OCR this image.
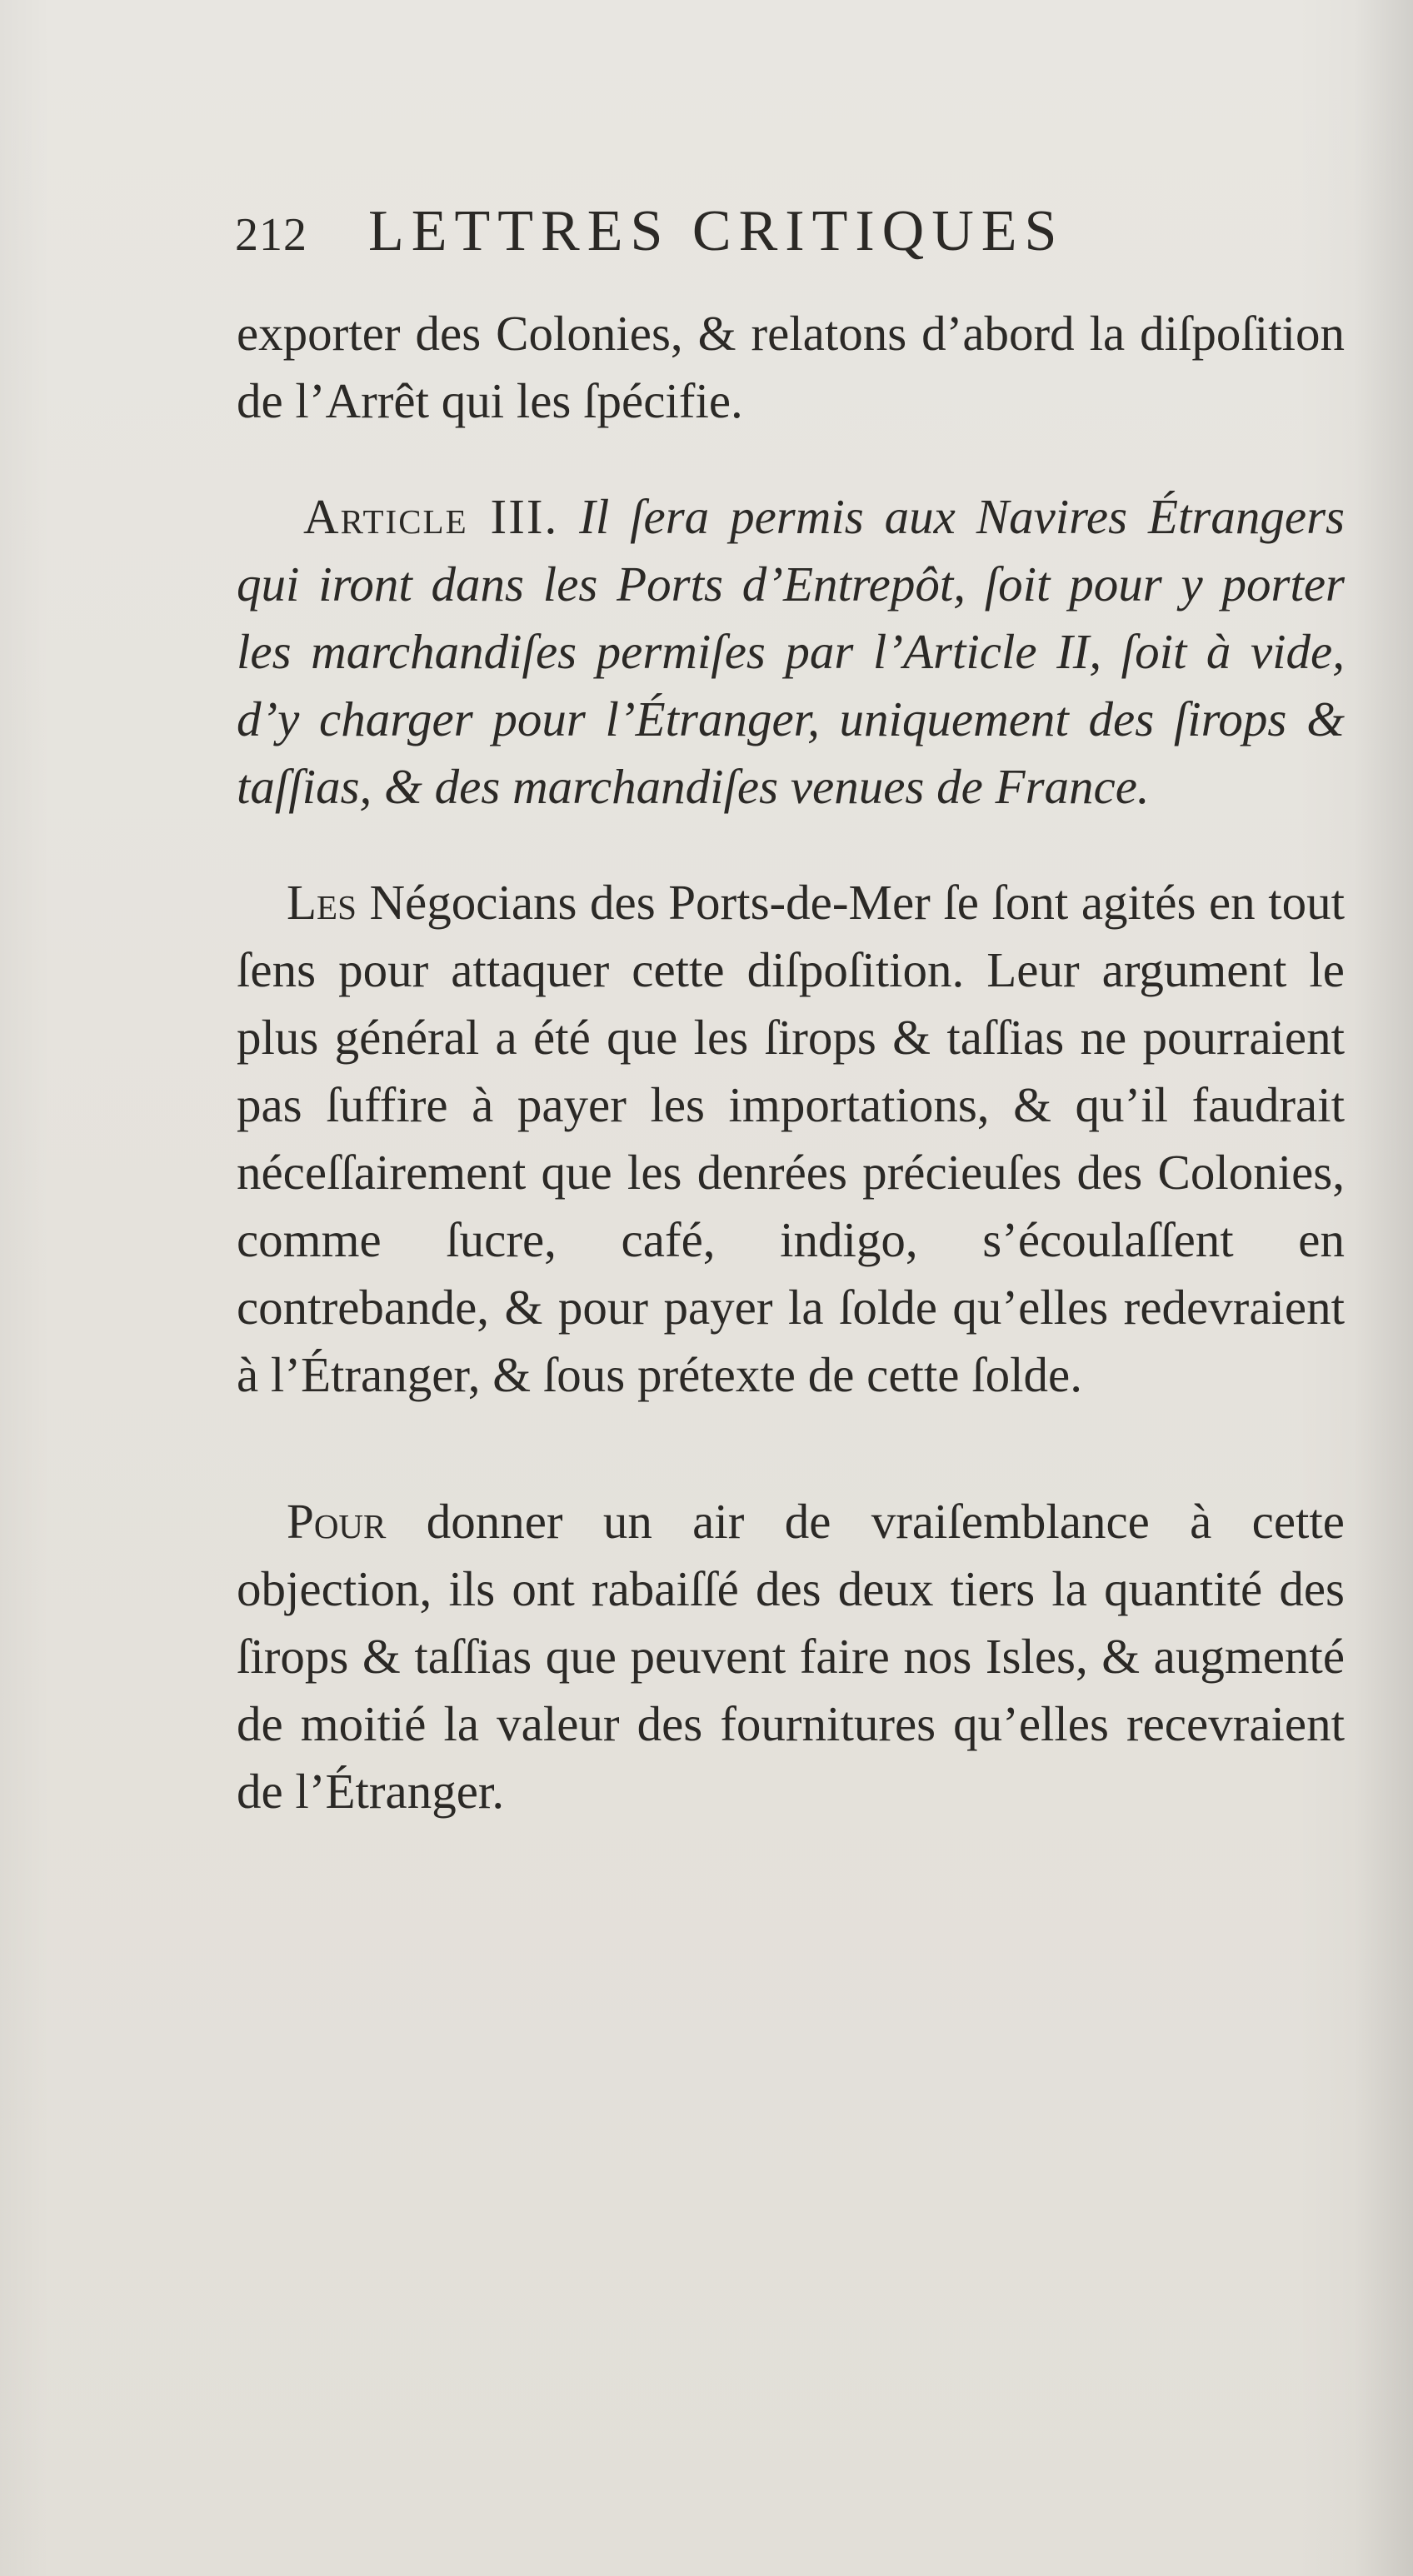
212 LETTRES CRITIQUES

exporter des Colonies, & relatons d’abord la diſpoſition de l’Arrêt qui les ſpécifie.

Article III. Il ſera permis aux Navires Étrangers qui iront dans les Ports d’Entrepôt, ſoit pour y porter les marchandiſes permiſes par l’Article II, ſoit à vide, d’y charger pour l’Étranger, uniquement des ſirops & taſſias, & des marchandiſes venues de France.

Les Négocians des Ports-de-Mer ſe ſont agités en tout ſens pour attaquer cette diſpoſition. Leur argument le plus général a été que les ſirops & taſſias ne pourraient pas ſuffire à payer les importations, & qu’il faudrait néceſſairement que les denrées précieuſes des Colonies, comme ſucre, café, indigo, s’écoulaſſent en contrebande, & pour payer la ſolde qu’elles redevraient à l’Étranger, & ſous prétexte de cette ſolde.

Pour donner un air de vraiſemblance à cette objection, ils ont rabaiſſé des deux tiers la quantité des ſirops & taſſias que peuvent faire nos Isles, & augmenté de moitié la valeur des fournitures qu’elles recevraient de l’Étranger.
